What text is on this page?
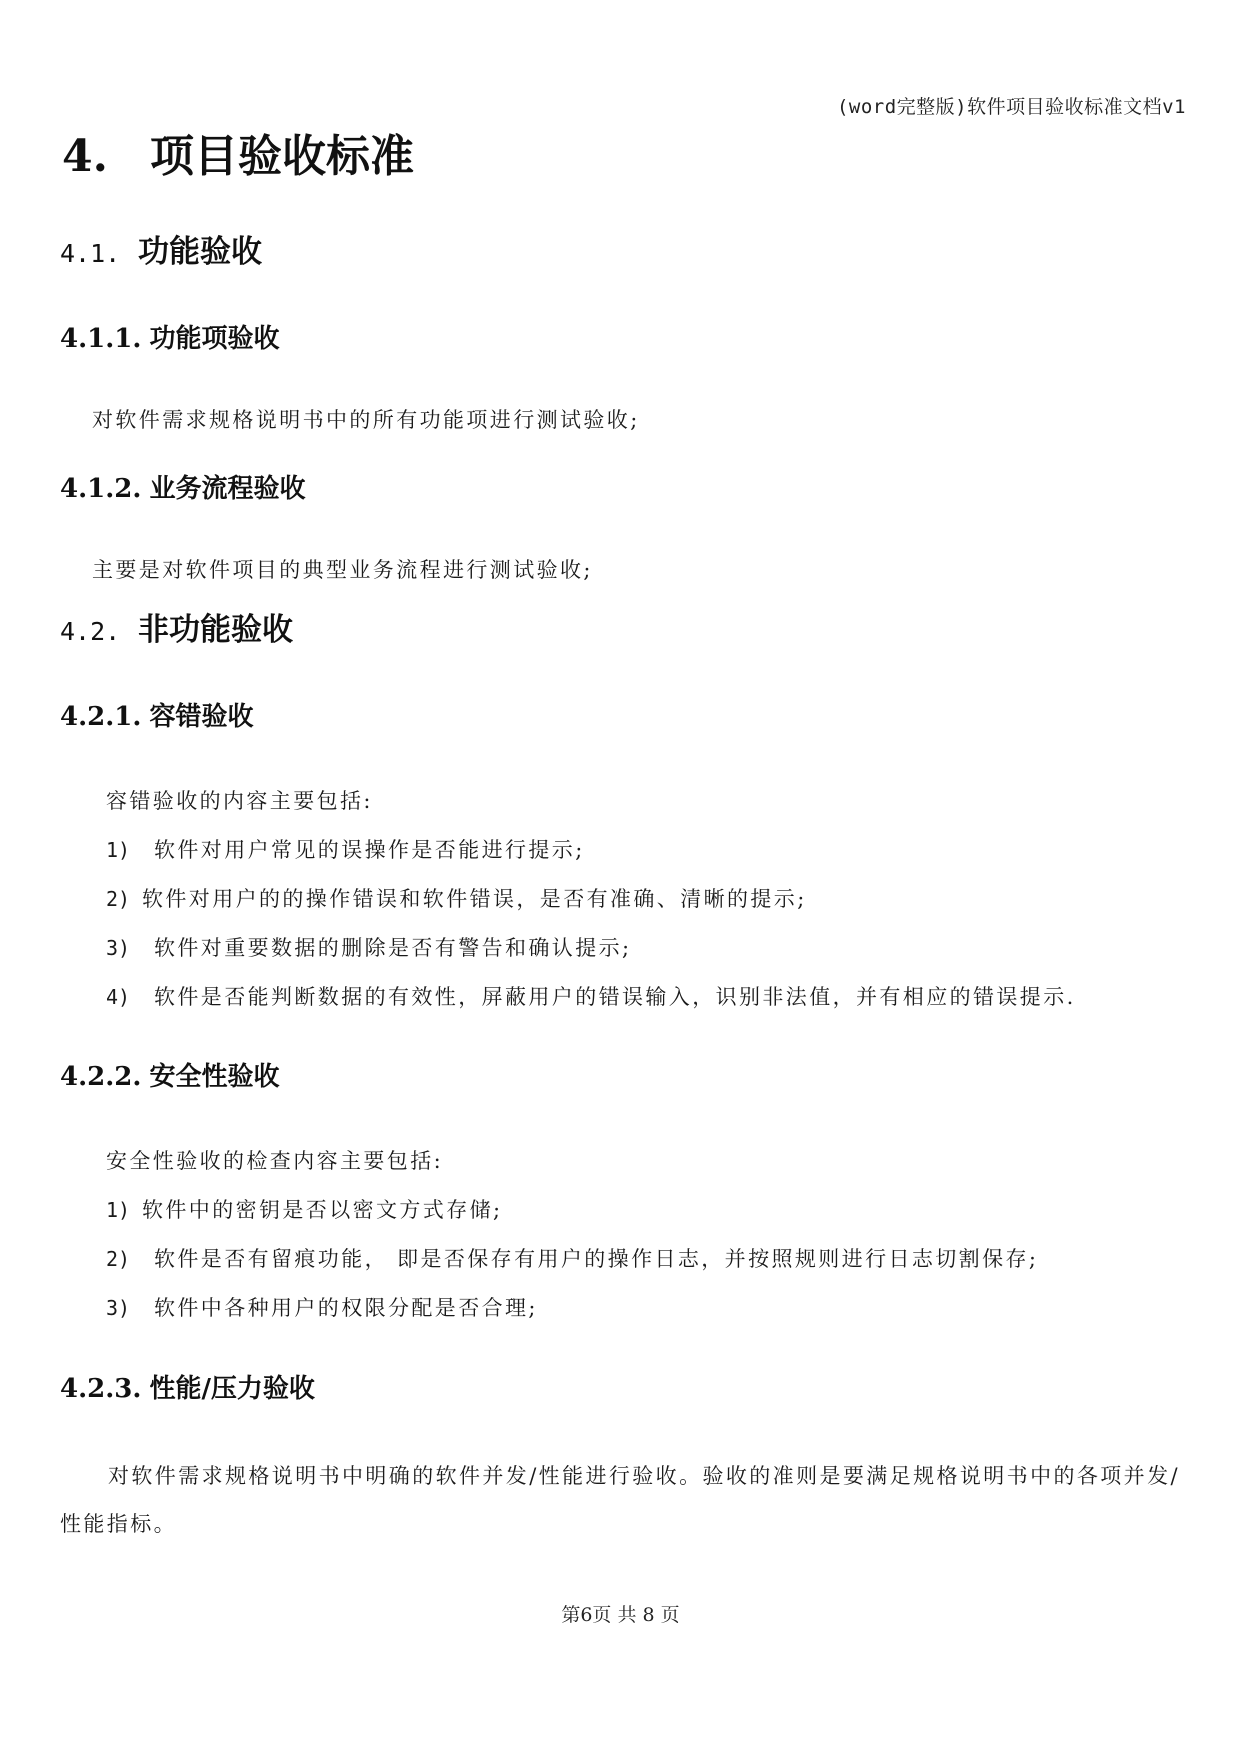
(word完整版)软件项目验收标准文档v1
4. 项目验收标准
4.1. 功能验收
4.1.1. 功能项验收
对软件需求规格说明书中的所有功能项进行测试验收;
4.1.2. 业务流程验收
主要是对软件项目的典型业务流程进行测试验收;
4.2. 非功能验收
4.2.1. 容错验收
容错验收的内容主要包括:
1) 软件对用户常见的误操作是否能进行提示;
2) 软件对用户的的操作错误和软件错误，是否有准确、清晰的提示;
3) 软件对重要数据的删除是否有警告和确认提示;
4) 软件是否能判断数据的有效性，屏蔽用户的错误输入，识别非法值，并有相应的错误提示.
4.2.2. 安全性验收
安全性验收的检查内容主要包括:
1) 软件中的密钥是否以密文方式存储;
2) 软件是否有留痕功能， 即是否保存有用户的操作日志，并按照规则进行日志切割保存;
3) 软件中各种用户的权限分配是否合理;
4.2.3. 性能/压力验收
对软件需求规格说明书中明确的软件并发/性能进行验收。验收的准则是要满足规格说明书中的各项并发/性能指标。
第6页 共 8 页
